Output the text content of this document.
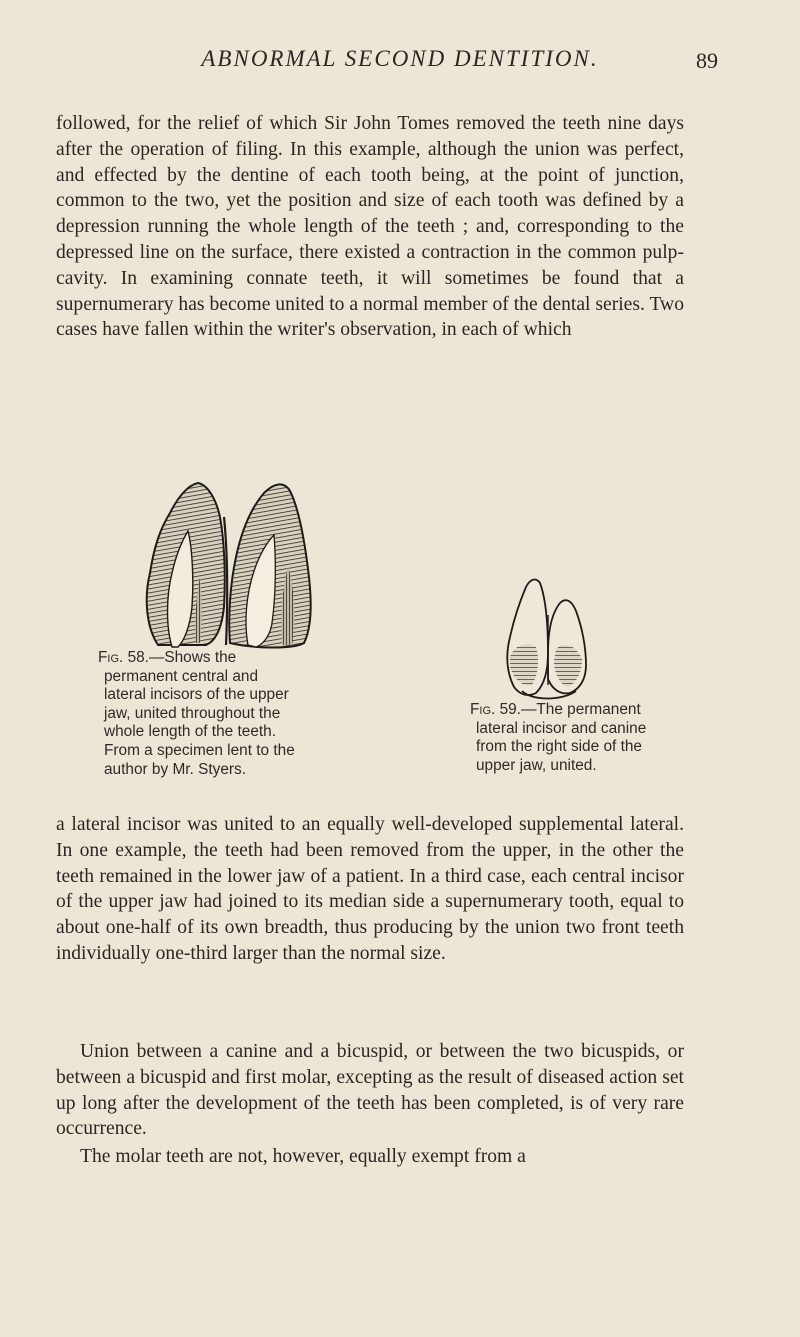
ABNORMAL SECOND DENTITION.	89

followed, for the relief of which Sir John Tomes removed the teeth nine days after the operation of filing. In this example, although the union was perfect, and effected by the dentine of each tooth being, at the point of junction, common to the two, yet the position and size of each tooth was defined by a depression running the whole length of the teeth ; and, corresponding to the depressed line on the surface, there existed a contraction in the common pulp-cavity. In examining connate teeth, it will sometimes be found that a supernumerary has become united to a normal member of the dental series. Two cases have fallen within the writer's observation, in each of which

Fig. 58.—Shows the permanent central and lateral incisors of the upper jaw, united throughout the whole length of the teeth. From a specimen lent to the author by Mr. Styers.

Fig. 59.—The permanent lateral incisor and canine from the right side of the upper jaw, united.

a lateral incisor was united to an equally well-developed supplemental lateral. In one example, the teeth had been removed from the upper, in the other the teeth remained in the lower jaw of a patient. In a third case, each central incisor of the upper jaw had joined to its median side a supernumerary tooth, equal to about one-half of its own breadth, thus producing by the union two front teeth individually one-third larger than the normal size.

Union between a canine and a bicuspid, or between the two bicuspids, or between a bicuspid and first molar, excepting as the result of diseased action set up long after the development of the teeth has been completed, is of very rare occurrence.

The molar teeth are not, however, equally exempt from a
